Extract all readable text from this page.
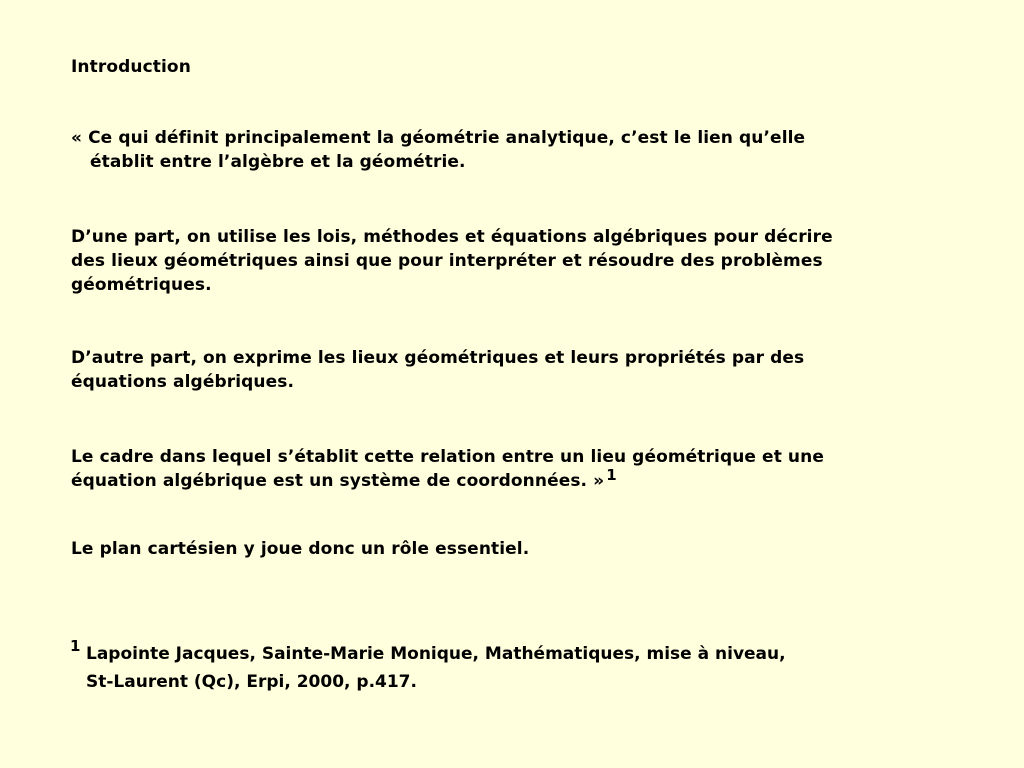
Introduction

« Ce qui définit principalement la géométrie analytique, c’est le lien qu’elle
établit entre l’algèbre et la géométrie.

D’une part, on utilise les lois, méthodes et équations algébriques pour décrire
des lieux géométriques ainsi que pour interpréter et résoudre des problèmes
géométriques.

D’autre part, on exprime les lieux géométriques et leurs propriétés par des
équations algébriques.

Le cadre dans lequel s’établit cette relation entre un lieu géométrique et une
équation algébrique est un système de coordonnées. » 1

Le plan cartésien y joue donc un rôle essentiel.

1 Lapointe Jacques, Sainte-Marie Monique, Mathématiques, mise à niveau,
St-Laurent (Qc), Erpi, 2000, p.417.
